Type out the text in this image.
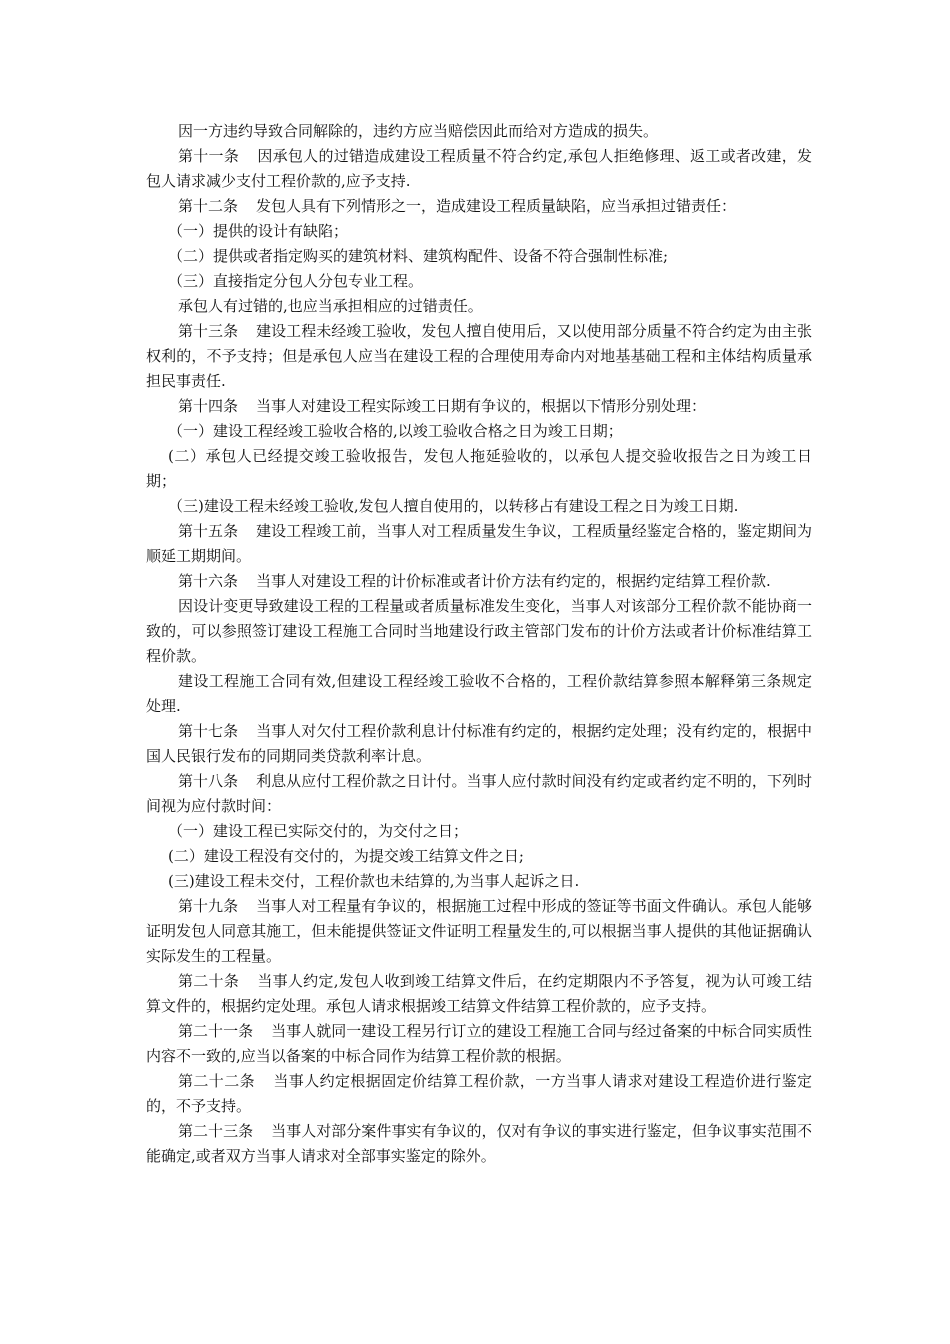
因一方违约导致合同解除的，违约方应当赔偿因此而给对方造成的损失。

第十一条 因承包人的过错造成建设工程质量不符合约定,承包人拒绝修理、返工或者改建，发包人请求减少支付工程价款的,应予支持.

第十二条 发包人具有下列情形之一，造成建设工程质量缺陷，应当承担过错责任：

（一）提供的设计有缺陷；

（二）提供或者指定购买的建筑材料、建筑构配件、设备不符合强制性标准;

（三）直接指定分包人分包专业工程。

承包人有过错的,也应当承担相应的过错责任。

第十三条 建设工程未经竣工验收，发包人擅自使用后，又以使用部分质量不符合约定为由主张权利的，不予支持；但是承包人应当在建设工程的合理使用寿命内对地基基础工程和主体结构质量承担民事责任.

第十四条 当事人对建设工程实际竣工日期有争议的，根据以下情形分别处理：

（一）建设工程经竣工验收合格的,以竣工验收合格之日为竣工日期；

(二）承包人已经提交竣工验收报告，发包人拖延验收的，以承包人提交验收报告之日为竣工日期；

（三)建设工程未经竣工验收,发包人擅自使用的，以转移占有建设工程之日为竣工日期.

第十五条 建设工程竣工前，当事人对工程质量发生争议，工程质量经鉴定合格的，鉴定期间为顺延工期期间。

第十六条 当事人对建设工程的计价标准或者计价方法有约定的，根据约定结算工程价款.

因设计变更导致建设工程的工程量或者质量标准发生变化，当事人对该部分工程价款不能协商一致的，可以参照签订建设工程施工合同时当地建设行政主管部门发布的计价方法或者计价标准结算工程价款。

建设工程施工合同有效,但建设工程经竣工验收不合格的，工程价款结算参照本解释第三条规定处理.

第十七条 当事人对欠付工程价款利息计付标准有约定的，根据约定处理；没有约定的，根据中国人民银行发布的同期同类贷款利率计息。

第十八条 利息从应付工程价款之日计付。当事人应付款时间没有约定或者约定不明的，下列时间视为应付款时间：

（一）建设工程已实际交付的，为交付之日；

(二）建设工程没有交付的，为提交竣工结算文件之日;

(三)建设工程未交付，工程价款也未结算的,为当事人起诉之日.

第十九条 当事人对工程量有争议的，根据施工过程中形成的签证等书面文件确认。承包人能够证明发包人同意其施工，但未能提供签证文件证明工程量发生的,可以根据当事人提供的其他证据确认实际发生的工程量。

第二十条 当事人约定,发包人收到竣工结算文件后，在约定期限内不予答复，视为认可竣工结算文件的，根据约定处理。承包人请求根据竣工结算文件结算工程价款的，应予支持。

第二十一条 当事人就同一建设工程另行订立的建设工程施工合同与经过备案的中标合同实质性内容不一致的,应当以备案的中标合同作为结算工程价款的根据。

第二十二条 当事人约定根据固定价结算工程价款，一方当事人请求对建设工程造价进行鉴定的，不予支持。

第二十三条 当事人对部分案件事实有争议的，仅对有争议的事实进行鉴定，但争议事实范围不能确定,或者双方当事人请求对全部事实鉴定的除外。
